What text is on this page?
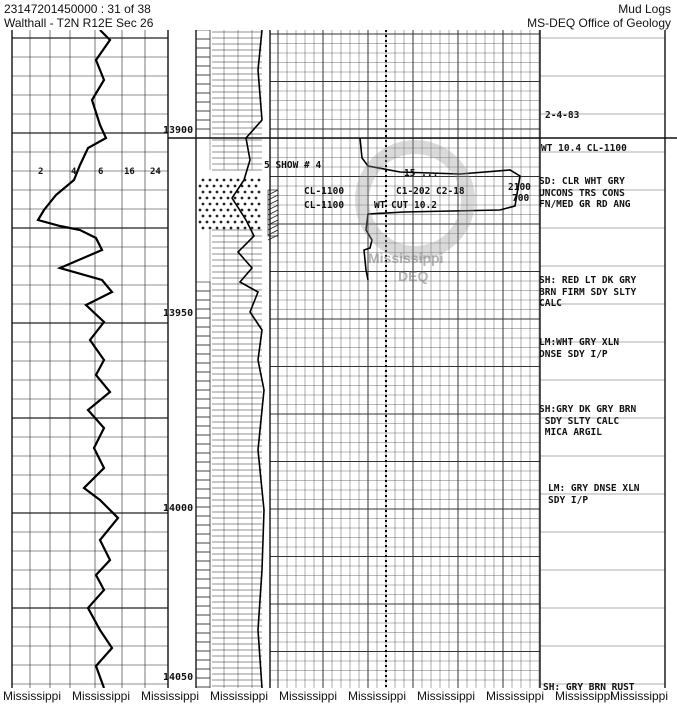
23147201450000 : 31 of 38
Walthall - T2N R12E Sec 26
Mud Logs
MS-DEQ Office of Geology
Mississippi
DEQ
13900
13950
14000
14050
2	4 6 16 24
2-4-83
WT 10.4 CL-1100
5 SHOW # 4
CL-1100
CL-1100
C1-202 C2-18
WT CUT 10.2
15 ...
2100
700
SD: CLR WHT GRY
UNCONS TRS CONS
FN/MED GR RD ANG
SH: RED LT DK GRY
BRN FIRM SDY SLTY
CALC
LM:WHT GRY XLN
DNSE SDY I/P
SH:GRY DK GRY BRN
SDY SLTY CALC
MICA ARGIL
LM: GRY DNSE XLN
SDY I/P
SH: GRY BRN RUST
Mississippi Mississippi Mississippi Mississippi Mississippi Mississippi Mississippi Mississippi Mississippi
Mississippi
